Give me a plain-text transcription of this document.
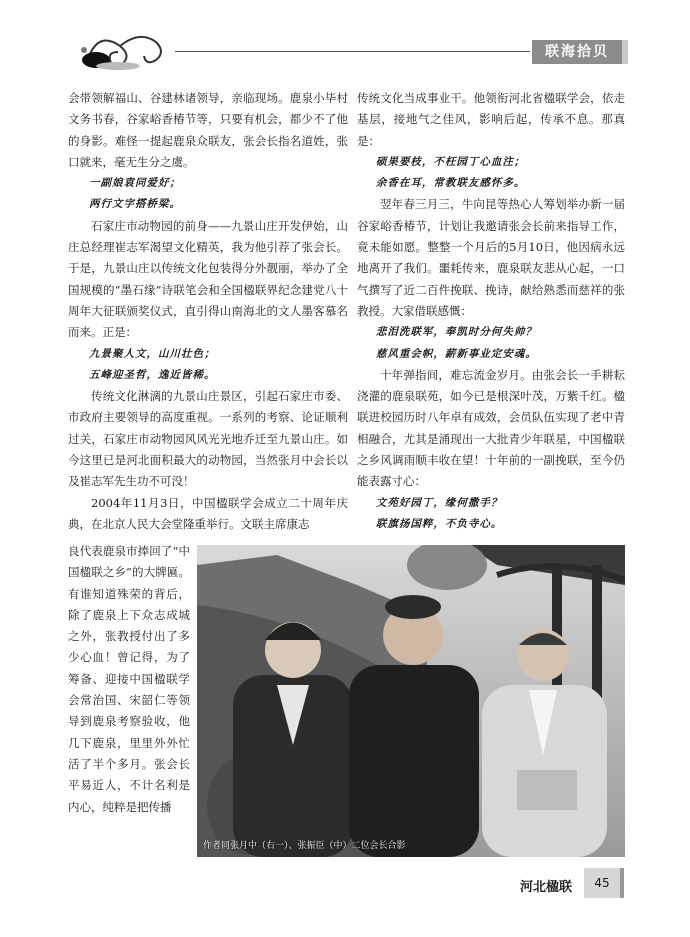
联海拾贝

会带领解福山、谷建林诸领导，亲临现场。鹿泉小毕村文务书春，谷家峪香椿节等，只要有机会，都少不了他的身影。难怪一提起鹿泉众联友，张会长指名道姓，张口就来，毫无生分之虞。

一副娘袁同爱好；

两行文字搭桥梁。

石家庄市动物园的前身——九景山庄开发伊始，山庄总经理崔志军渴望文化精英，我为他引荐了张会长。于是，九景山庄以传统文化包装得分外靓丽，举办了全国规模的“墨石缘”诗联笔会和全国楹联界纪念建党八十周年大征联颁奖仪式，直引得山南海北的文人墨客慕名而来。正是：

九景聚人文，山川壮色；

五峰迎圣哲，逸近皆稀。

传统文化淋漓的九景山庄景区，引起石家庄市委、市政府主要领导的高度重视。一系列的考察、论证顺利过关，石家庄市动物园风风光光地乔迁至九景山庄。如今这里已是河北面积最大的动物园，当然张月中会长以及崔志军先生功不可没！

2004年11月3日，中国楹联学会成立二十周年庆典，在北京人民大会堂隆重举行。文联主席康志

良代表鹿泉市捧回了“中国楹联之乡”的大牌匾。有谁知道殊荣的背后，除了鹿泉上下众志成城之外，张教授付出了多少心血！曾记得，为了筹备、迎接中国楹联学会常治国、宋韶仁等领导到鹿泉考察验收，他几下鹿泉，里里外外忙活了半个多月。张会长平易近人，不计名利是内心，纯粹是把传播

传统文化当成事业干。他领衔河北省楹联学会，依走基层，接地气之佳风，影响后起，传承不息。那真是：

硕果要枝，不枉园丁心血注；

余香在耳，常教联友感怀多。

翌年春三月三，牛向昆等热心人筹划举办新一届谷家峪香椿节，计划让我邀请张会长前来指导工作，竟未能如愿。整整一个月后的5月10日，他因病永远地离开了我们。噩耗传来，鹿泉联友悲从心起，一口气撰写了近二百件挽联、挽诗，献给熟悉而慈祥的张教授。大家借联感慨：

悲泪洗联军，奉凯时分何失帅？

慈风重会帜，薪新事业定安魂。

十年弹指间，难忘流金岁月。由张会长一手耕耘浇灌的鹿泉联苑，如今已是根深叶茂，万紫千红。楹联进校园历时八年卓有成效，会员队伍实现了老中青相融合，尤其是涌现出一大批青少年联星，中国楹联之乡风调雨顺丰收在望！十年前的一副挽联，至今仍能表露寸心：

文苑好园丁，缘何撒手？

联旗扬国粹，不负寺心。

作者同张月中（右一）、张振臣（中）二位会长合影
河北楹联	45
